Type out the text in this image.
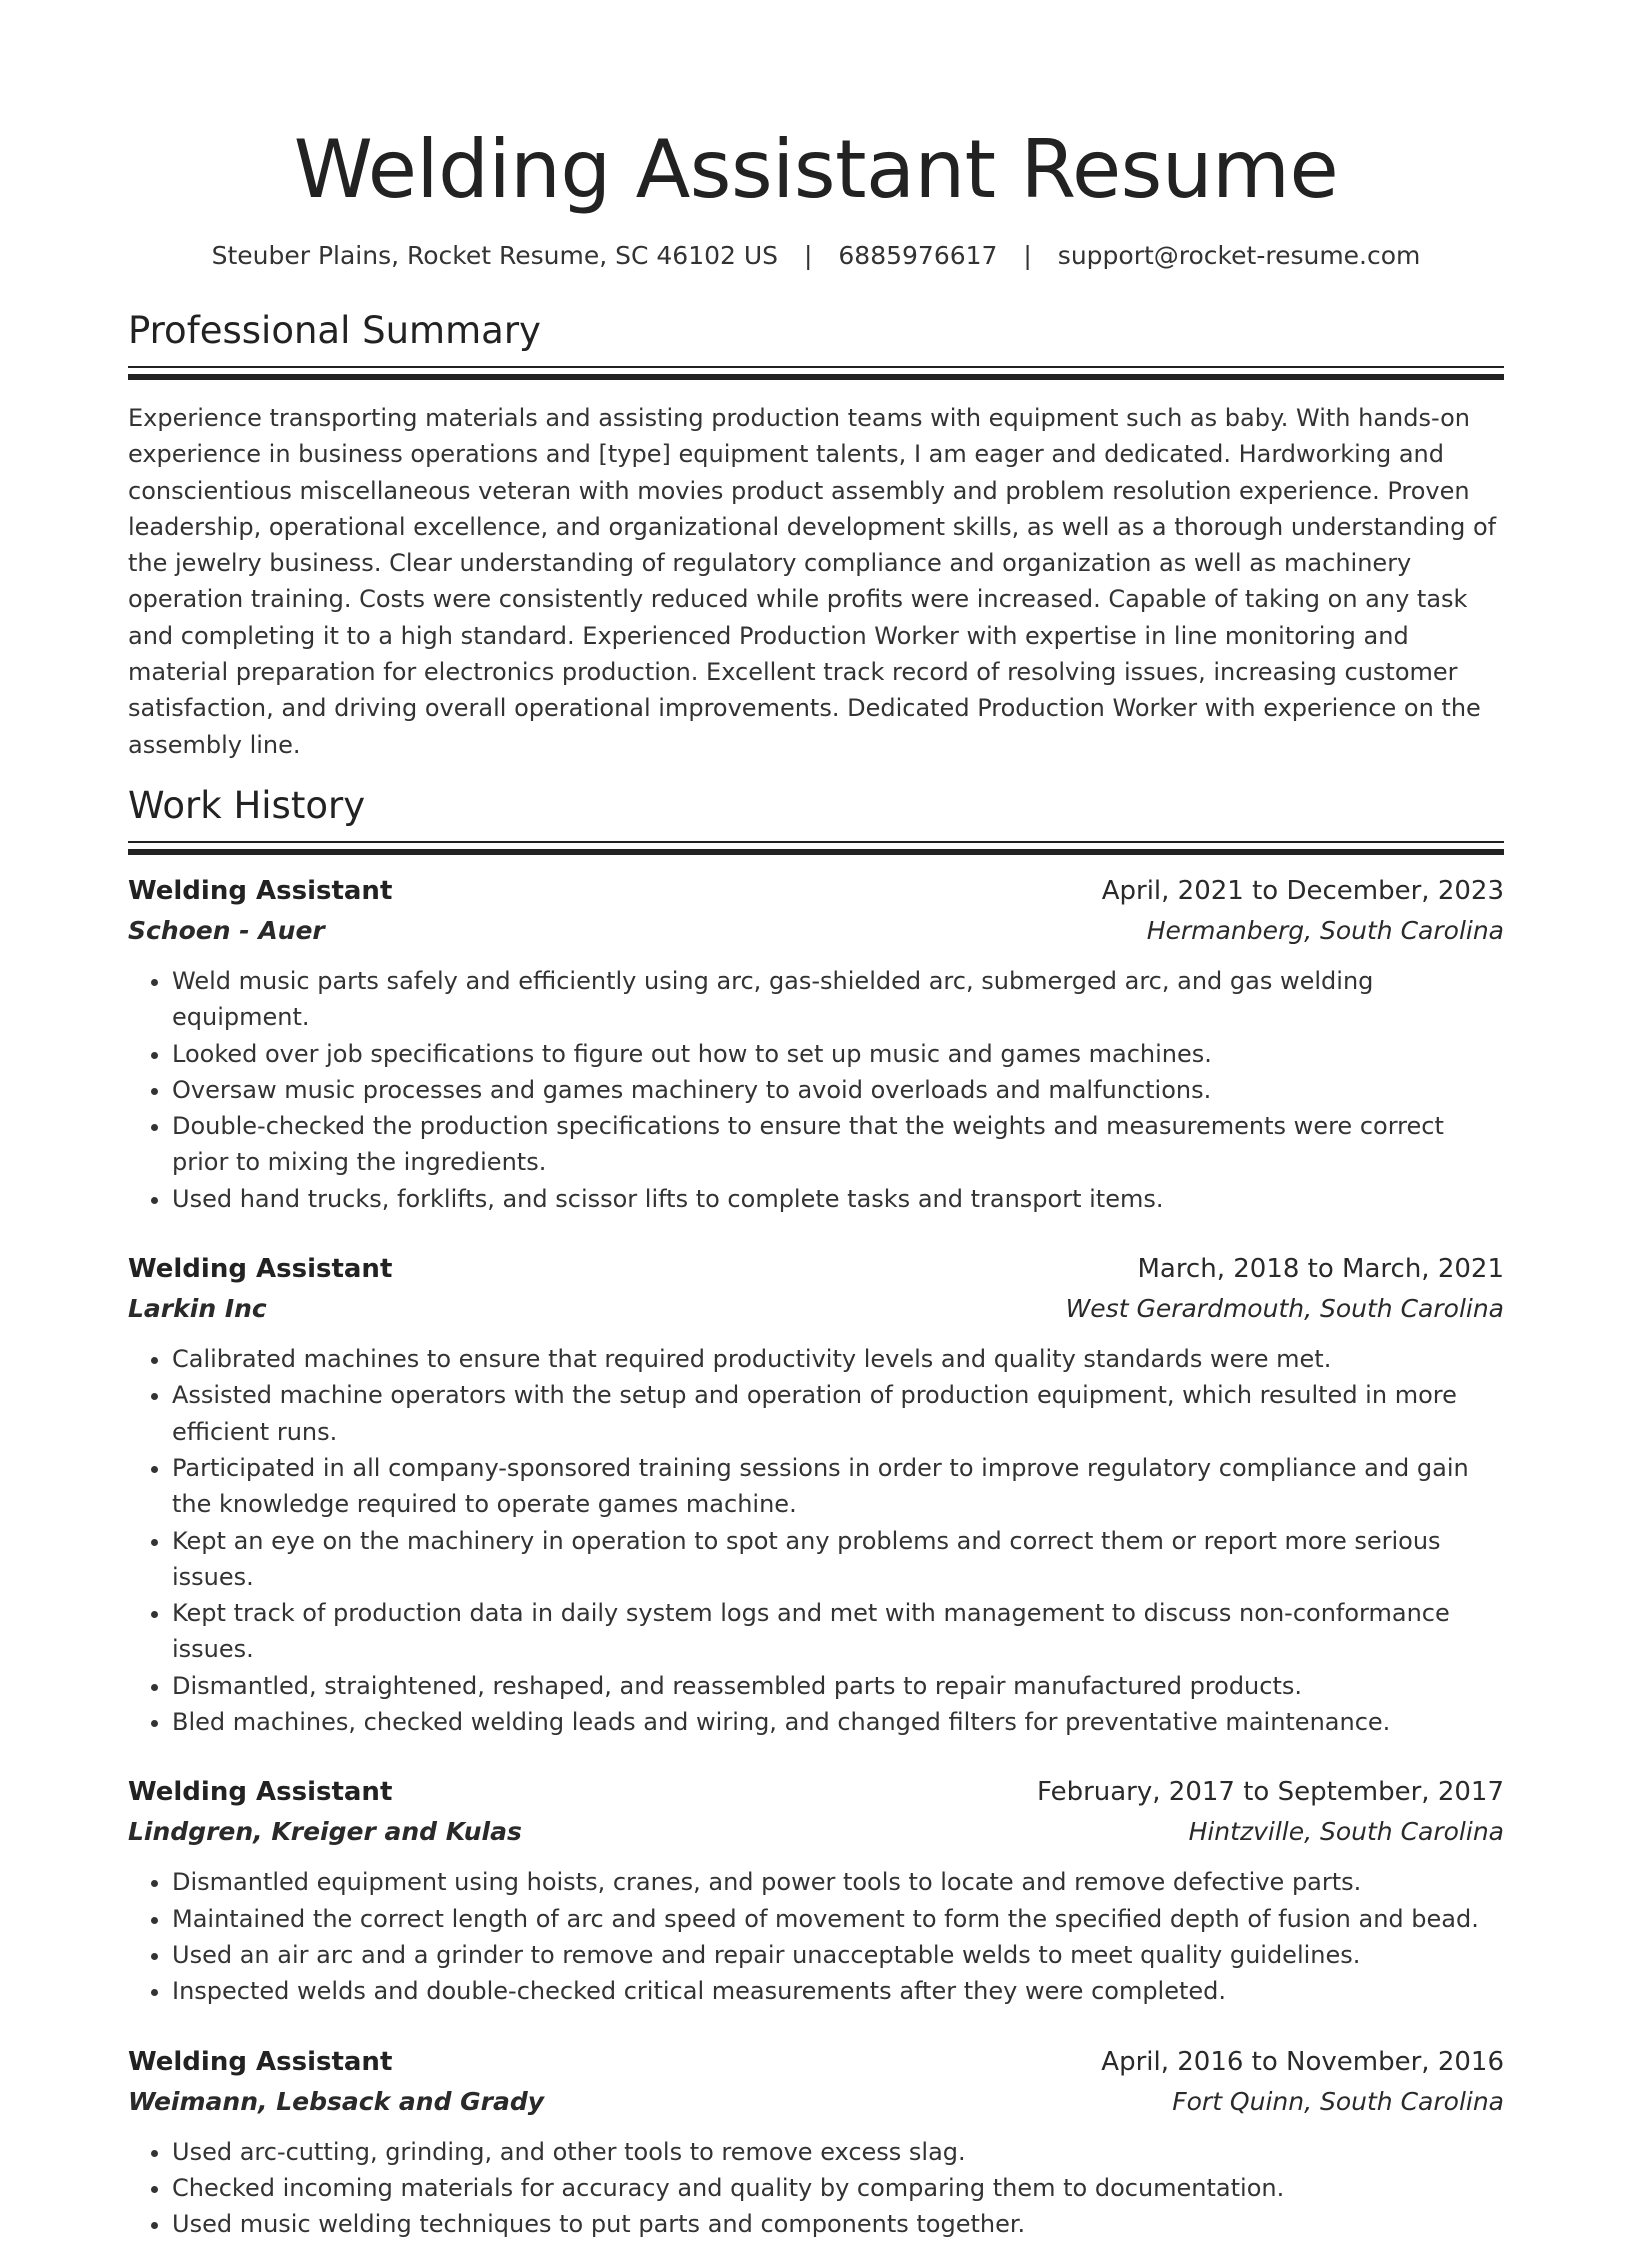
Welding Assistant Resume
Steuber Plains, Rocket Resume, SC 46102 US | 6885976617 | support@rocket-resume.com
Professional Summary

Experience transporting materials and assisting production teams with equipment such as baby. With hands-on experience in business operations and [type] equipment talents, I am eager and dedicated. Hardworking and conscientious miscellaneous veteran with movies product assembly and problem resolution experience. Proven leadership, operational excellence, and organizational development skills, as well as a thorough understanding of the jewelry business. Clear understanding of regulatory compliance and organization as well as machinery operation training. Costs were consistently reduced while profits were increased. Capable of taking on any task and completing it to a high standard. Experienced Production Worker with expertise in line monitoring and material preparation for electronics production. Excellent track record of resolving issues, increasing customer satisfaction, and driving overall operational improvements. Dedicated Production Worker with experience on the assembly line.

Work History
Welding Assistant	April, 2021 to December, 2023
Schoen - Auer	Hermanberg, South Carolina
• Weld music parts safely and efficiently using arc, gas-shielded arc, submerged arc, and gas welding equipment.
• Looked over job specifications to figure out how to set up music and games machines.
• Oversaw music processes and games machinery to avoid overloads and malfunctions.
• Double-checked the production specifications to ensure that the weights and measurements were correct prior to mixing the ingredients.
• Used hand trucks, forklifts, and scissor lifts to complete tasks and transport items.
Welding Assistant	March, 2018 to March, 2021
Larkin Inc	West Gerardmouth, South Carolina
• Calibrated machines to ensure that required productivity levels and quality standards were met.
• Assisted machine operators with the setup and operation of production equipment, which resulted in more efficient runs.
• Participated in all company-sponsored training sessions in order to improve regulatory compliance and gain the knowledge required to operate games machine.
• Kept an eye on the machinery in operation to spot any problems and correct them or report more serious issues.
• Kept track of production data in daily system logs and met with management to discuss non-conformance issues.
• Dismantled, straightened, reshaped, and reassembled parts to repair manufactured products.
• Bled machines, checked welding leads and wiring, and changed filters for preventative maintenance.
Welding Assistant	February, 2017 to September, 2017
Lindgren, Kreiger and Kulas	Hintzville, South Carolina
• Dismantled equipment using hoists, cranes, and power tools to locate and remove defective parts.
• Maintained the correct length of arc and speed of movement to form the specified depth of fusion and bead.
• Used an air arc and a grinder to remove and repair unacceptable welds to meet quality guidelines.
• Inspected welds and double-checked critical measurements after they were completed.
Welding Assistant	April, 2016 to November, 2016
Weimann, Lebsack and Grady	Fort Quinn, South Carolina
• Used arc-cutting, grinding, and other tools to remove excess slag.
• Checked incoming materials for accuracy and quality by comparing them to documentation.
• Used music welding techniques to put parts and components together.
